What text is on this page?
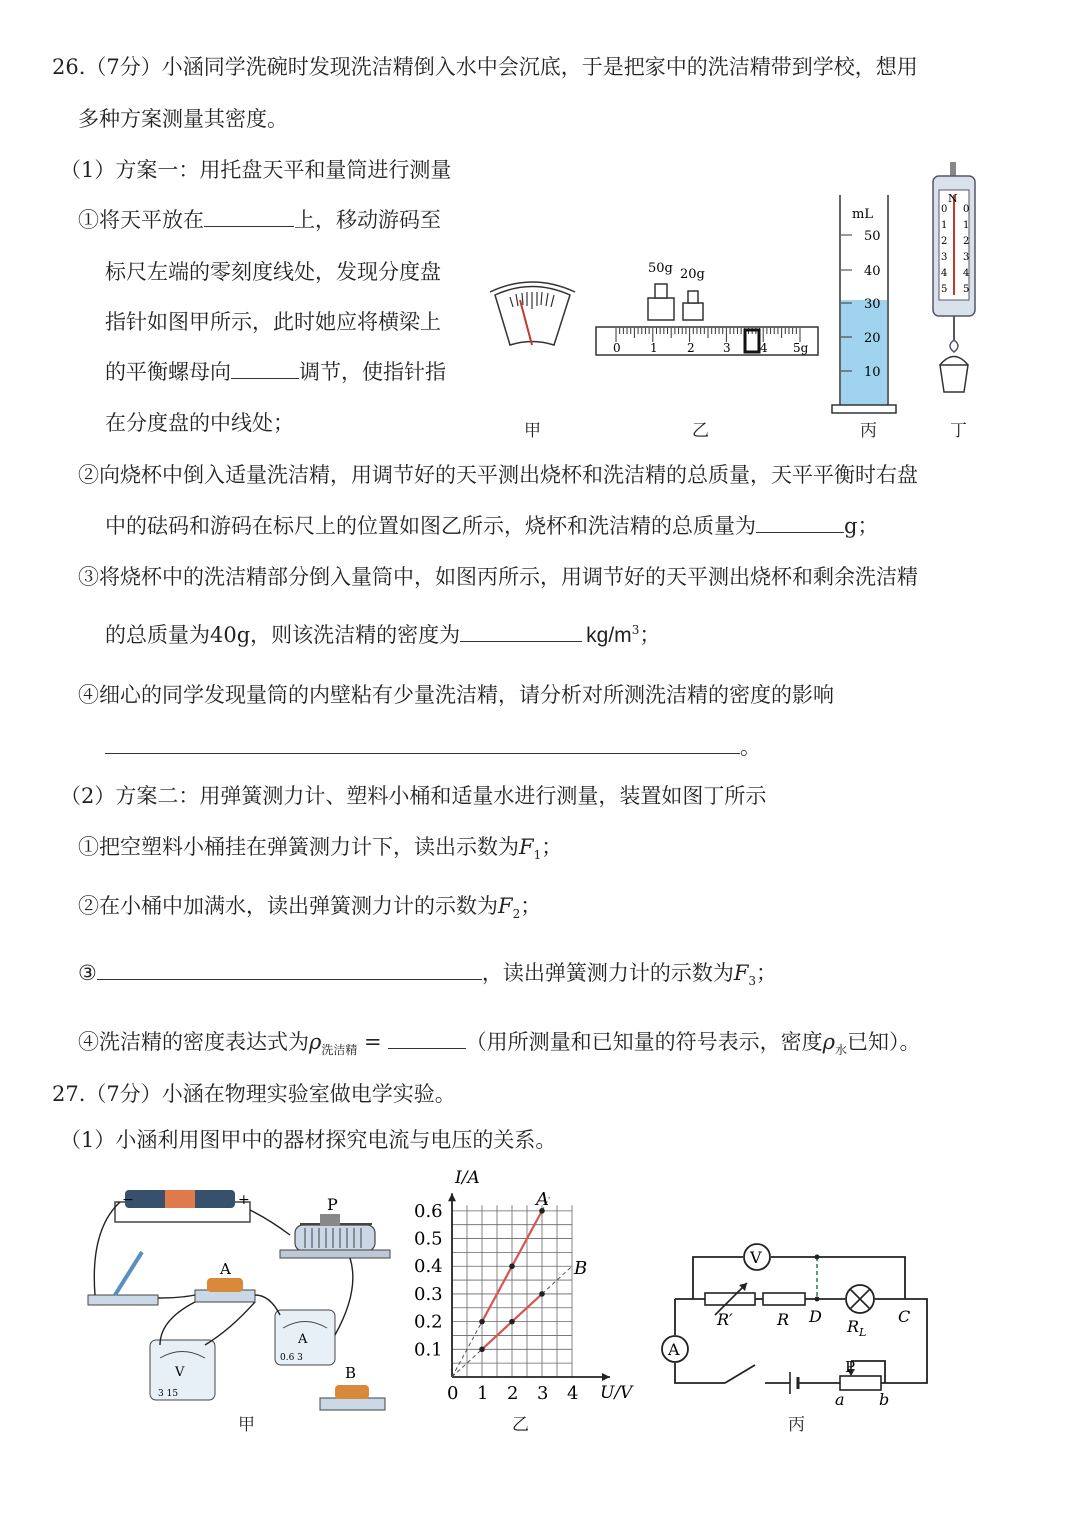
26.（7分）小涵同学洗碗时发现洗洁精倒入水中会沉底，于是把家中的洗洁精带到学校，想用
多种方案测量其密度。
（1）方案一：用托盘天平和量筒进行测量
①将天平放在	上，移动游码至
标尺左端的零刻度线处，发现分度盘
指针如图甲所示，此时她应将横梁上
的平衡螺母向	调节，使指针指
在分度盘的中线处；
50g 20g
0 1 2 3 4 5g
mL
50
40
30
20
10
N
0 0
1 1
2 2
3 3
4 4
5 5
甲	乙	丙	丁
②向烧杯中倒入适量洗洁精，用调节好的天平测出烧杯和洗洁精的总质量，天平平衡时右盘
中的砝码和游码在标尺上的位置如图乙所示，烧杯和洗洁精的总质量为	g；
③将烧杯中的洗洁精部分倒入量筒中，如图丙所示，用调节好的天平测出烧杯和剩余洗洁精
的总质量为40g，则该洗洁精的密度为	$kg/m^3$；
④细心的同学发现量筒的内壁粘有少量洗洁精，请分析对所测洗洁精的密度的影响
。
（2）方案二：用弹簧测力计、塑料小桶和适量水进行测量，装置如图丁所示
①把空塑料小桶挂在弹簧测力计下，读出示数为$F_1$；
②在小桶中加满水，读出弹簧测力计的示数为$F_2$；
③	，读出弹簧测力计的示数为$F_3$；
④洗洁精的密度表达式为$\rho_{洗洁精}$ =	（用所测量和已知量的符号表示，密度$\rho_水$已知）。
27.（7分）小涵在物理实验室做电学实验。
（1）小涵利用图甲中的器材探究电流与电压的关系。
−	+	P
A
V
3 15
A
0.6 3
B
0 1 2 3 4
0.1
0.2
0.3
0.4
0.5
0.6
A
B
I/A
U/V
V
A
R′	R D
$R_L$
C
P
a b
甲	乙	丙
